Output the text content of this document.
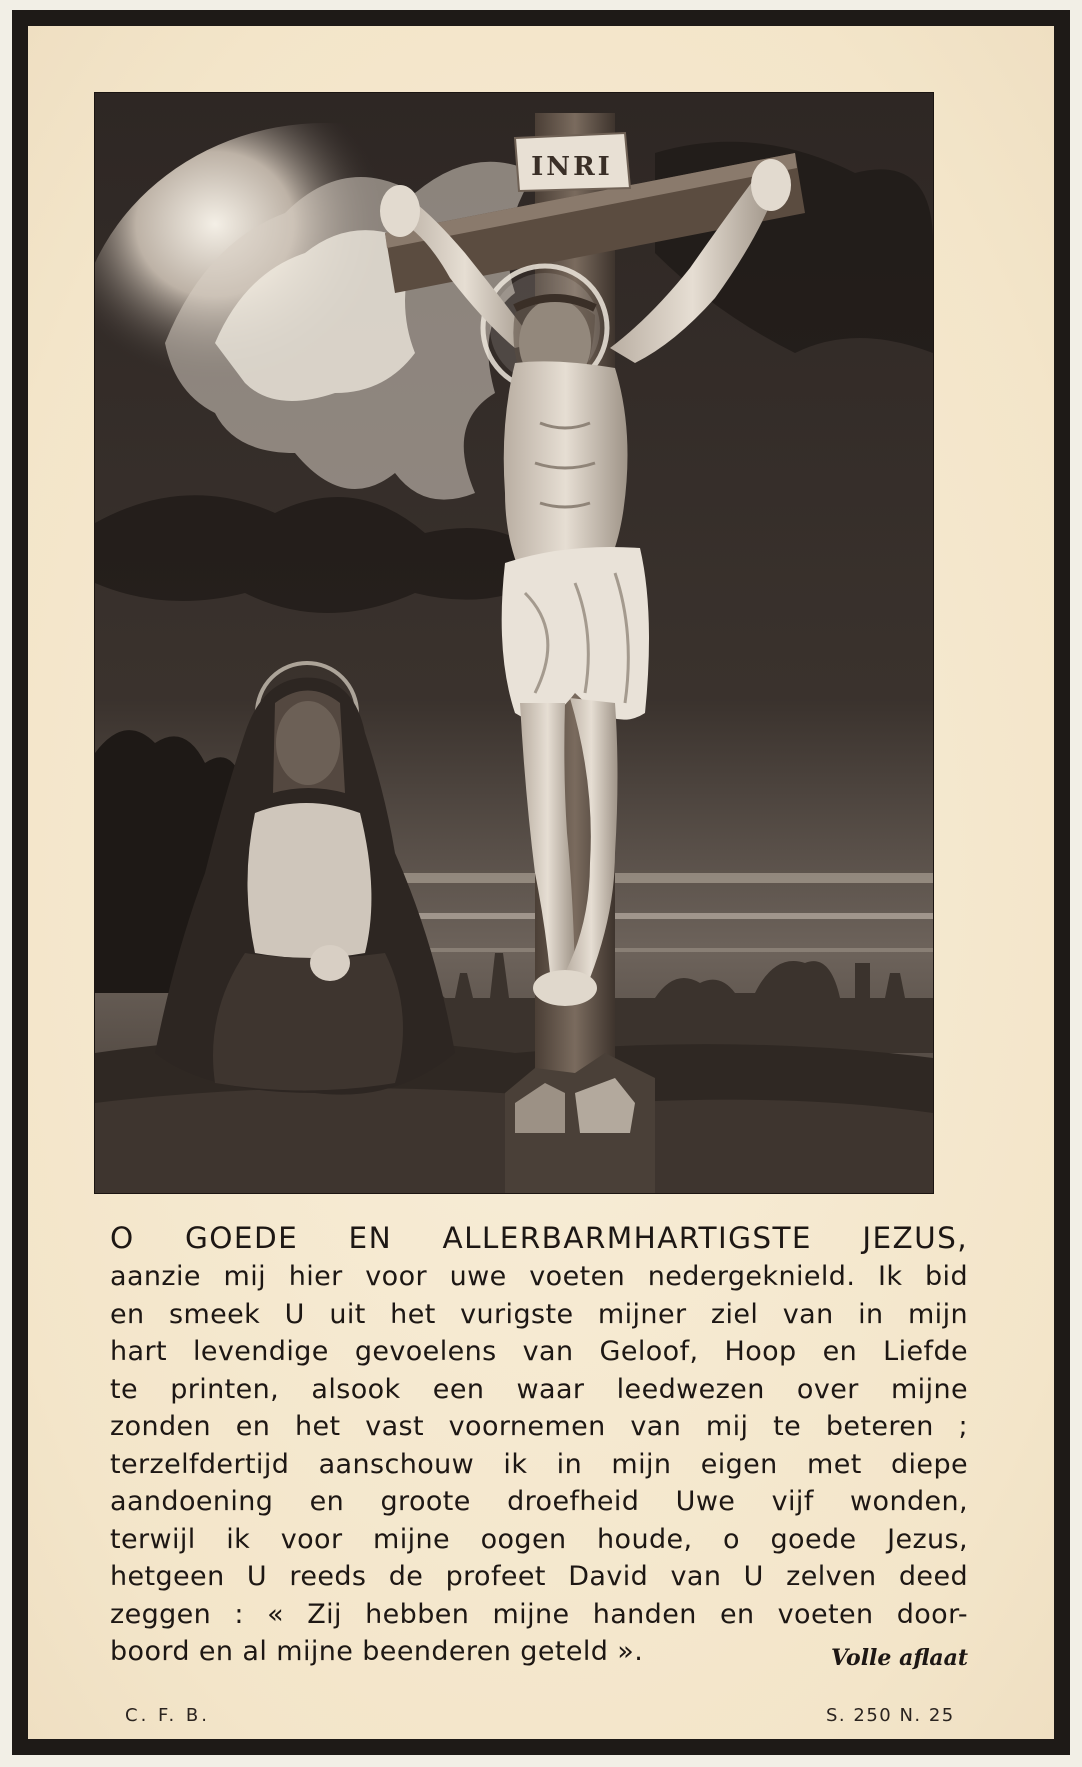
INRI
O GOEDE EN ALLERBARMHARTIGSTE JEZUS,
aanzie mij hier voor uwe voeten nedergeknield. Ik bid
en smeek U uit het vurigste mijner ziel van in mijn
hart levendige gevoelens van Geloof, Hoop en Liefde
te printen, alsook een waar leedwezen over mijne
zonden en het vast voornemen van mij te beteren ;
terzelfdertijd aanschouw ik in mijn eigen met diepe
aandoening en groote droefheid Uwe vijf wonden,
terwijl ik voor mijne oogen houde, o goede Jezus,
hetgeen U reeds de profeet David van U zelven deed
zeggen : « Zij hebben mijne handen en voeten door-
boord en al mijne beenderen geteld ».	Volle aflaat
C. F. B.	S. 250 N. 25
